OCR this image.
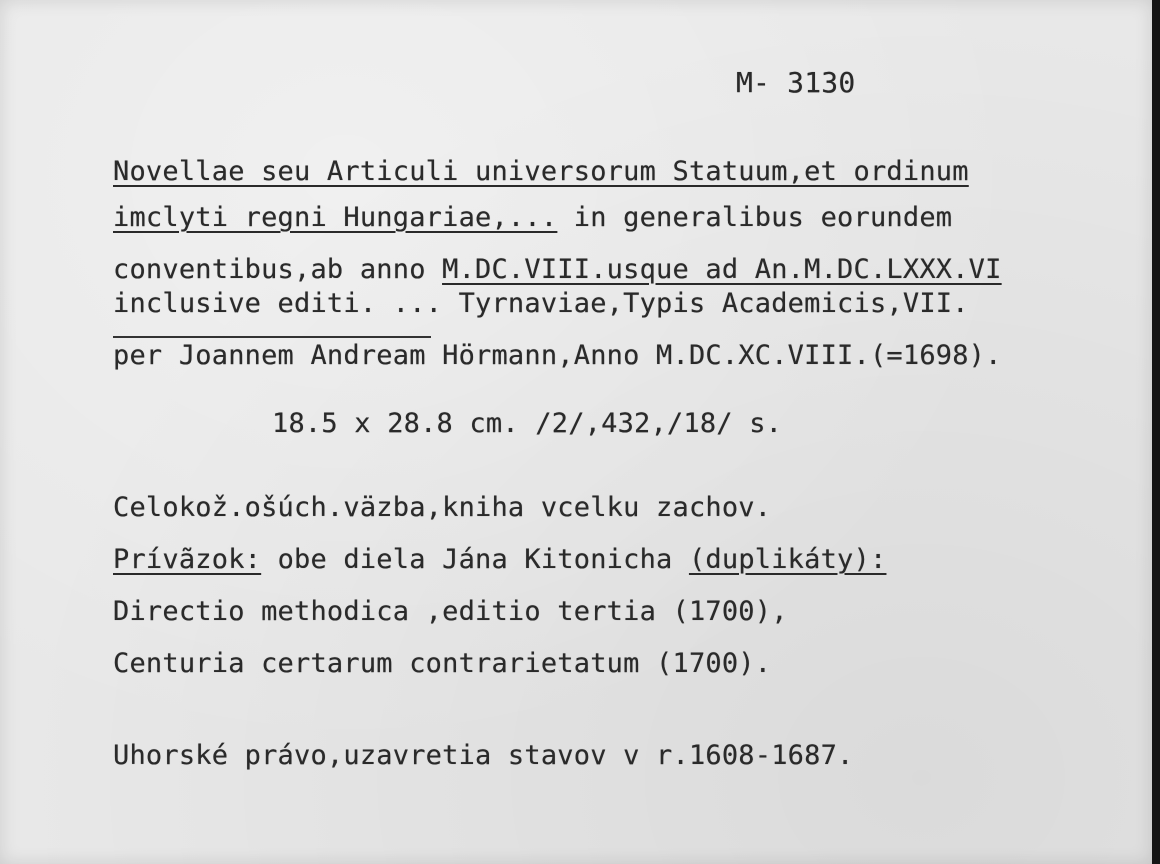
M- 3130
Novellae seu Articuli universorum Statuum,et ordinum
imclyti regni Hungariae,... in generalibus eorundem
conventibus,ab anno M.DC.VIII.usque ad An.M.DC.LXXX.VI
inclusive editi. ... Tyrnaviae,Typis Academicis,VII.
per Joannem Andream Hörmann,Anno M.DC.XC.VIII.(=1698).
18.5 x 28.8 cm. /2/,432,/18/ s.
Celokož.ošúch.väzba,kniha vcelku zachov.
Prívãzok: obe diela Jána Kitonicha (duplikáty):
Directio methodica ,editio tertia (1700),
Centuria certarum contrarietatum (1700).
Uhorské právo,uzavretia stavov v r.1608-1687.
